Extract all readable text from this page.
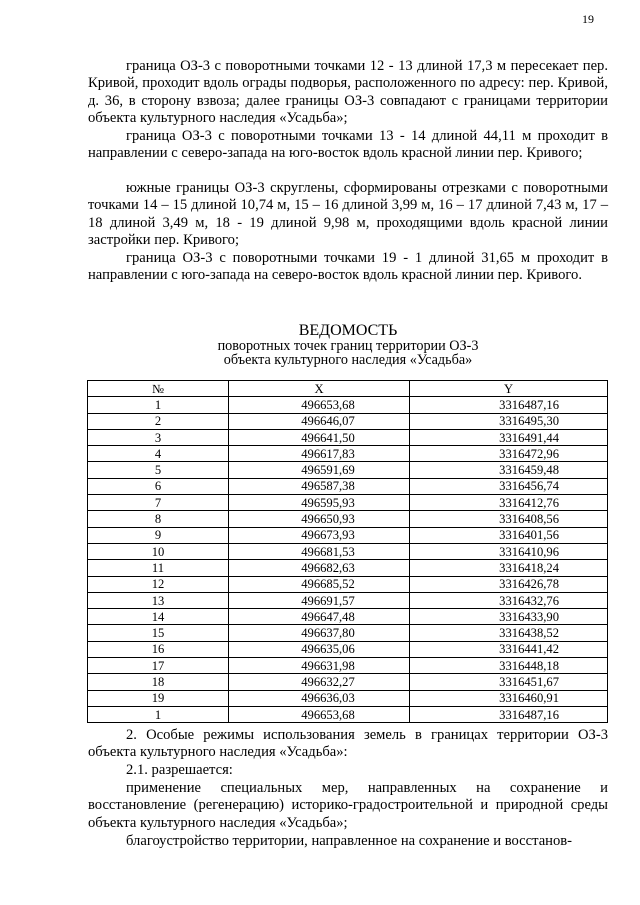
19

граница ОЗ-3 с поворотными точками 12 - 13 длиной 17,3 м пересекает пер. Кривой, проходит вдоль ограды подворья, расположенного по адресу: пер. Кривой, д. 36, в сторону взвоза; далее границы ОЗ-3 совпадают с границами территории объекта культурного наследия «Усадьба»;

граница ОЗ-3 с поворотными точками 13 - 14 длиной 44,11 м проходит в направлении с северо-запада на юго-восток вдоль красной линии пер. Кривого;

южные границы ОЗ-3 скруглены, сформированы отрезками с поворотными точками 14 – 15 длиной 10,74 м, 15 – 16 длиной 3,99 м, 16 – 17 длиной 7,43 м, 17 – 18 длиной 3,49 м, 18 - 19 длиной 9,98 м, проходящими вдоль красной линии застройки пер. Кривого;

граница ОЗ-3 с поворотными точками 19 - 1 длиной 31,65 м проходит в направлении с юго-запада на северо-восток вдоль красной линии пер. Кривого.

ВЕДОМОСТЬ
поворотных точек границ территории ОЗ-3
объекта культурного наследия «Усадьба»
№	X	Y
1	496653,68	3316487,16
2	496646,07	3316495,30
3	496641,50	3316491,44
4	496617,83	3316472,96
5	496591,69	3316459,48
6	496587,38	3316456,74
7	496595,93	3316412,76
8	496650,93	3316408,56
9	496673,93	3316401,56
10	496681,53	3316410,96
11	496682,63	3316418,24
12	496685,52	3316426,78
13	496691,57	3316432,76
14	496647,48	3316433,90
15	496637,80	3316438,52
16	496635,06	3316441,42
17	496631,98	3316448,18
18	496632,27	3316451,67
19	496636,03	3316460,91
1	496653,68	3316487,16

2. Особые режимы использования земель в границах территории ОЗ-3 объекта культурного наследия «Усадьба»:

2.1. разрешается:

применение специальных мер, направленных на сохранение и восстановление (регенерацию) историко-градостроительной и природной среды объекта культурного наследия «Усадьба»;

благоустройство территории, направленное на сохранение и восстанов-
